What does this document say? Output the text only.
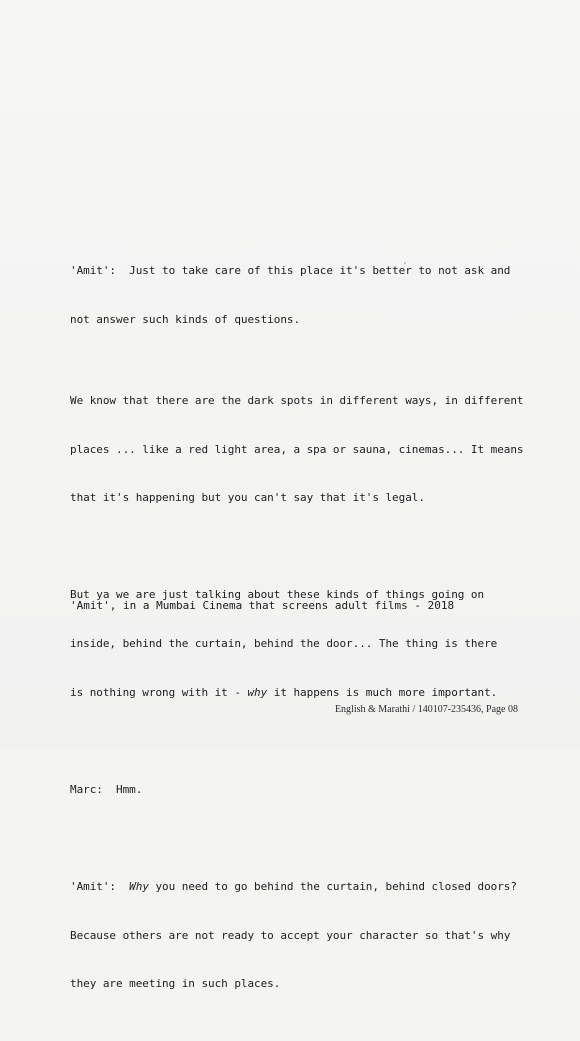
'Amit':  Just to take care of this place it's better to not ask and

not answer such kinds of questions.

We know that there are the dark spots in different ways, in different

places ... like a red light area, a spa or sauna, cinemas... It means

that it's happening but you can't say that it's legal.

But ya we are just talking about these kinds of things going on

inside, behind the curtain, behind the door... The thing is there

is nothing wrong with it - why it happens is much more important.

Marc:  Hmm.

'Amit': Why you need to go behind the curtain, behind closed doors?

Because others are not ready to accept your character so that's why

they are meeting in such places.

'Amit', in a Mumbai Cinema that screens adult films - 2018
English & Marathi / 140107-235436, Page 08
